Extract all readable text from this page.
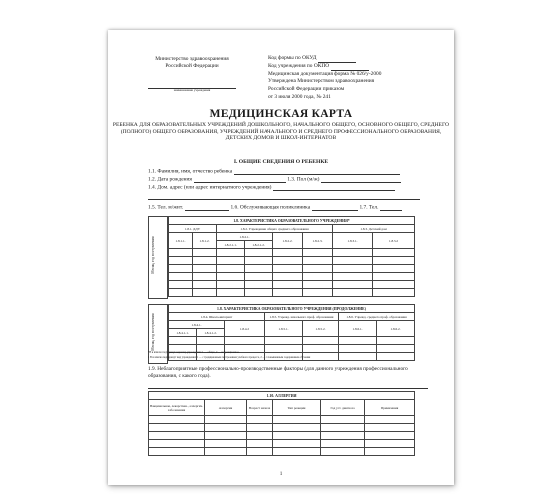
Министерство здравоохранения Российской Федерации
наименование учреждения
Код формы по ОКУД
Код учреждения по ОКПО
Медицинская документация форма № 026/у-2000
Утверждена Министерством здравоохранения
Российской Федерации приказом
от 3 июля 2000 года, № 241
МЕДИЦИНСКАЯ КАРТА
РЕБЕНКА ДЛЯ ОБРАЗОВАТЕЛЬНЫХ УЧРЕЖДЕНИЙ ДОШКОЛЬНОГО, НАЧАЛЬНОГО ОБЩЕГО, ОСНОВНОГО ОБЩЕГО, СРЕДНЕГО (ПОЛНОГО) ОБЩЕГО ОБРАЗОВАНИЯ, УЧРЕЖДЕНИЙ НАЧАЛЬНОГО И СРЕДНЕГО ПРОФЕССИОНАЛЬНОГО ОБРАЗОВАНИЯ, ДЕТСКИХ ДОМОВ И ШКОЛ-ИНТЕРНАТОВ
I. ОБЩИЕ СВЕДЕНИЯ О РЕБЕНКЕ
1.1. Фамилия, имя, отчество ребенка
1.2. Дата рождения	1.3. Пол (м/ж)
1.4. Дом. адрес (или адрес интернатного учреждения)
1.5. Тел. м/жит.	1.6. Обслуживающая поликлиника	1.7. Тел.
Месяц, год поступления
1.8. ХАРАКТЕРИСТИКА ОБРАЗОВАТЕЛЬНОГО УЧРЕЖДЕНИЯ*							
1.8.1. ДДУ		1.8.2. Учреждение общего среднего образования				1.8.3. Детский дом	
1.8.1.1.	1.8.1.2.	1.8.2.1.		1.8.2.2.	1.8.2.3.	1.8.3.1.	1.8.3.2
		1.8.2.1.1.	1.8.2.1.2.				

Месяц, год поступления
1.8. ХАРАКТЕРИСТИКА ОБРАЗОВАТЕЛЬНОГО УЧРЕЖДЕНИЯ (ПРОДОЛЖЕНИЕ)						
1.8.4. Школа-интернат			1.8.5. Учрежд. начального проф. образования		1.8.6. Учрежд. среднего проф. образования	
1.8.4.1.		1.8.4.2	1.8.5.1.	1.8.5.2.	1.8.6.1.	1.8.6.2.
1.8.4.1.1.	1.8.4.1.2.					

*В и вписка подчеркнут характер учреждения: 1 — общее, 2 — коррекционное.
1 В и вписка подчеркнут вид учреждения: 1 — с традиционным построением учебного процесса, 2 — с повышенным содержанием обучения
1.9. Неблагоприятные профессионально-производственные факторы (для данного учреждения профессионального образования, с какого года).
1.10. АЛЛЕРГИЯ					
Вакцинальная, лекарствен., аллергич. заболевания	Аллергия	Возраст начала	Тип реакции	Год уст. диагноза	Примечания

1
